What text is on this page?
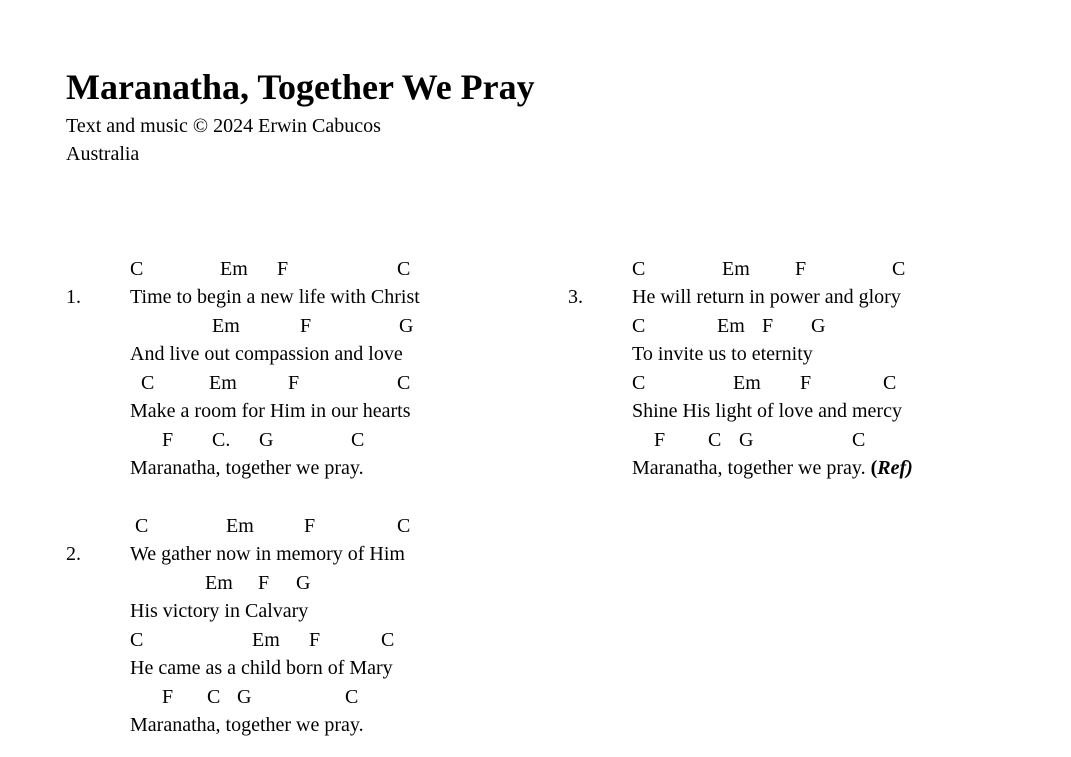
Maranatha, Together We Pray
Text and music © 2024 Erwin Cabucos
Australia
1.
C	Em F	C
Time to begin a new life with Christ
Em	F	G
And live out compassion and love
C	Em	F	C
Make a room for Him in our hearts
F C. G	C
Maranatha, together we pray.
2.
C	Em	F	C
We gather now in memory of Him
Em F G
His victory in Calvary
C	Em F	C
He came as a child born of Mary
F C G	C
Maranatha, together we pray.
3.
C	Em F	C
He will return in power and glory
C	Em F G
To invite us to eternity
C	Em F	C
Shine His light of love and mercy
F C G	C
Maranatha, together we pray. (Ref)
